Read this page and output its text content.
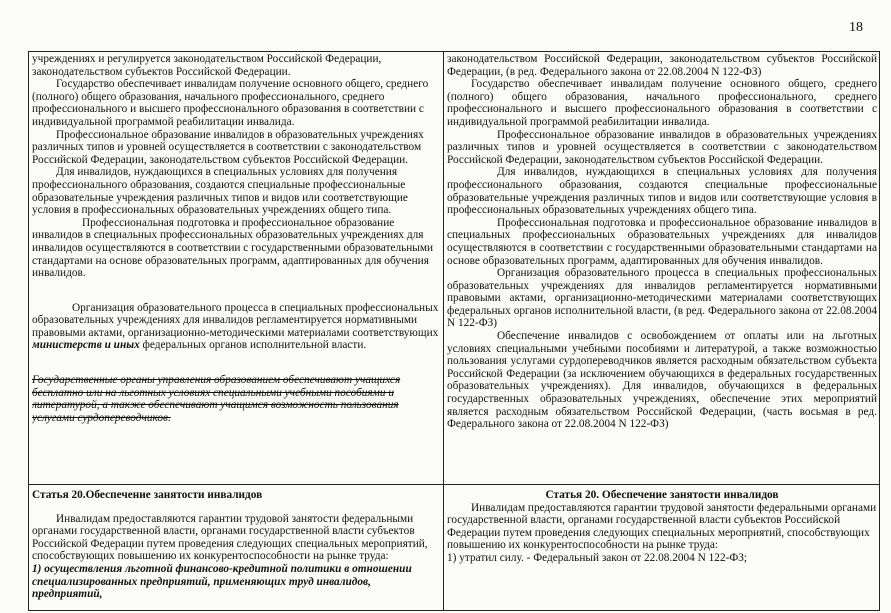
18

учреждениях и регулируется законодательством Российской Федерации, законодательством субъектов Российской Федерации.

Государство обеспечивает инвалидам получение основного общего, среднего (полного) общего образования, начального профессионального, среднего профессионального и высшего профессионального образования в соответствии с индивидуальной программой реабилитации инвалида.

Профессиональное образование инвалидов в образовательных учреждениях различных типов и уровней осуществляется в соответствии с законодательством Российской Федерации, законодательством субъектов Российской Федерации.

Для инвалидов, нуждающихся в специальных условиях для получения профессионального образования, создаются специальные профессиональные образовательные учреждения различных типов и видов или соответствующие условия в профессиональных образовательных учреждениях общего типа.

Профессиональная подготовка и профессиональное образование инвалидов в специальных профессиональных образовательных учреждениях для инвалидов осуществляются в соответствии с государственными образовательными стандартами на основе образовательных программ, адаптированных для обучения инвалидов.

Организация образовательного процесса в специальных профессиональных образовательных учреждениях для инвалидов регламентируется нормативными правовыми актами, организационно-методическими материалами соответствующих министерств и иных федеральных органов исполнительной власти.

Государственные органы управления образованием обеспечивают учащихся бесплатно или на льготных условиях специальными учебными пособиями и литературой, а также обеспечивают учащимся возможность пользования услугами сурдопереводчиков.

законодательством Российской Федерации, законодательством субъектов Российской Федерации, (в ред. Федерального закона от 22.08.2004 N 122-ФЗ)

Государство обеспечивает инвалидам получение основного общего, среднего (полного) общего образования, начального профессионального, среднего профессионального и высшего профессионального образования в соответствии с индивидуальной программой реабилитации инвалида.

Профессиональное образование инвалидов в образовательных учреждениях различных типов и уровней осуществляется в соответствии с законодательством Российской Федерации, законодательством субъектов Российской Федерации.

Для инвалидов, нуждающихся в специальных условиях для получения профессионального образования, создаются специальные профессиональные образовательные учреждения различных типов и видов или соответствующие условия в профессиональных образовательных учреждениях общего типа.

Профессиональная подготовка и профессиональное образование инвалидов в специальных профессиональных образовательных учреждениях для инвалидов осуществляются в соответствии с государственными образовательными стандартами на основе образовательных программ, адаптированных для обучения инвалидов.

Организация образовательного процесса в специальных профессиональных образовательных учреждениях для инвалидов регламентируется нормативными правовыми актами, организационно-методическими материалами соответствующих федеральных органов исполнительной власти, (в ред. Федерального закона от 22.08.2004 N 122-ФЗ)

Обеспечение инвалидов с освобождением от оплаты или на льготных условиях специальными учебными пособиями и литературой, а также возможностью пользования услугами сурдопереводчиков является расходным обязательством субъекта Российской Федерации (за исключением обучающихся в федеральных государственных образовательных учреждениях). Для инвалидов, обучающихся в федеральных государственных образовательных учреждениях, обеспечение этих мероприятий является расходным обязательством Российской Федерации, (часть восьмая в ред. Федерального закона от 22.08.2004 N 122-ФЗ)

Статья 20.Обеспечение занятости инвалидов

Инвалидам предоставляются гарантии трудовой занятости федеральными органами государственной власти, органами государственной власти субъектов Российской Федерации путем проведения следующих специальных мероприятий, способствующих повышению их конкурентоспособности на рынке труда:

1) осуществления льготной финансово-кредитной политики в отношении специализированных предприятий, применяющих труд инвалидов, предприятий,

Статья 20. Обеспечение занятости инвалидов

Инвалидам предоставляются гарантии трудовой занятости федеральными органами государственной власти, органами государственной власти субъектов Российской Федерации путем проведения следующих специальных мероприятий, способствующих повышению их конкурентоспособности на рынке труда:

1) утратил силу. - Федеральный закон от 22.08.2004 N 122-ФЗ;
